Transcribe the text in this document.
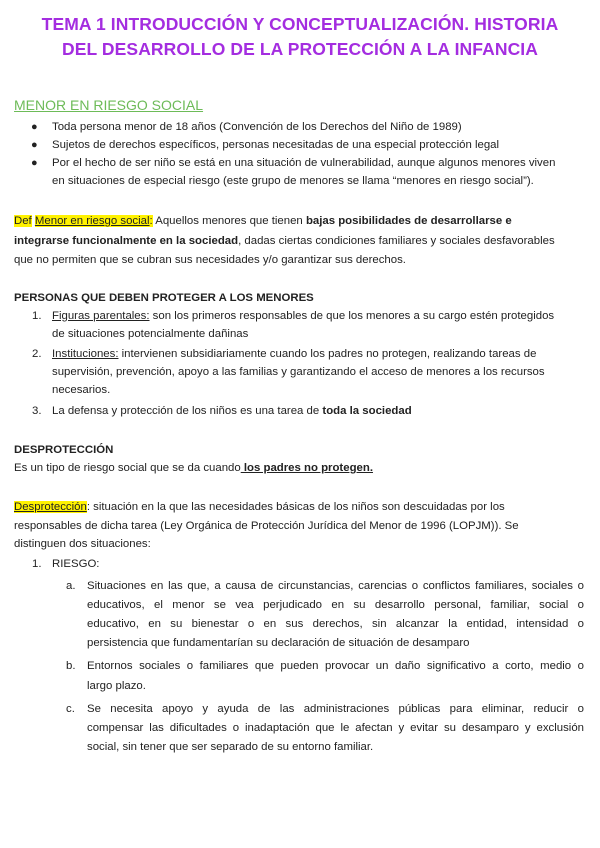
TEMA 1 INTRODUCCIÓN Y CONCEPTUALIZACIÓN. HISTORIA
DEL DESARROLLO DE LA PROTECCIÓN A LA INFANCIA
MENOR EN RIESGO SOCIAL
● Toda persona menor de 18 años (Convención de los Derechos del Niño de 1989)
● Sujetos de derechos específicos, personas necesitadas de una especial protección legal
● Por el hecho de ser niño se está en una situación de vulnerabilidad, aunque algunos menores viven
en situaciones de especial riesgo (este grupo de menores se llama “menores en riesgo social”).
Def Menor en riesgo social: Aquellos menores que tienen bajas posibilidades de desarrollarse e
integrarse funcionalmente en la sociedad, dadas ciertas condiciones familiares y sociales desfavorables
que no permiten que se cubran sus necesidades y/o garantizar sus derechos.
PERSONAS QUE DEBEN PROTEGER A LOS MENORES
1. Figuras parentales: son los primeros responsables de que los menores a su cargo estén protegidos
de situaciones potencialmente dañinas
2. Instituciones: intervienen subsidiariamente cuando los padres no protegen, realizando tareas de
supervisión, prevención, apoyo a las familias y garantizando el acceso de menores a los recursos
necesarios.
3. La defensa y protección de los niños es una tarea de toda la sociedad
DESPROTECCIÓN
Es un tipo de riesgo social que se da cuando los padres no protegen.
Desprotección: situación en la que las necesidades básicas de los niños son descuidadas por los
responsables de dicha tarea (Ley Orgánica de Protección Jurídica del Menor de 1996 (LOPJM)). Se
distinguen dos situaciones:
1. RIESGO:
a. Situaciones en las que, a causa de circunstancias, carencias o conflictos familiares, sociales o
educativos, el menor se vea perjudicado en su desarrollo personal, familiar, social o
educativo, en su bienestar o en sus derechos, sin alcanzar la entidad, intensidad o
persistencia que fundamentarían su declaración de situación de desamparo
b. Entornos sociales o familiares que pueden provocar un daño significativo a corto, medio o
largo plazo.
c. Se necesita apoyo y ayuda de las administraciones públicas para eliminar, reducir o
compensar las dificultades o inadaptación que le afectan y evitar su desamparo y exclusión
social, sin tener que ser separado de su entorno familiar.
